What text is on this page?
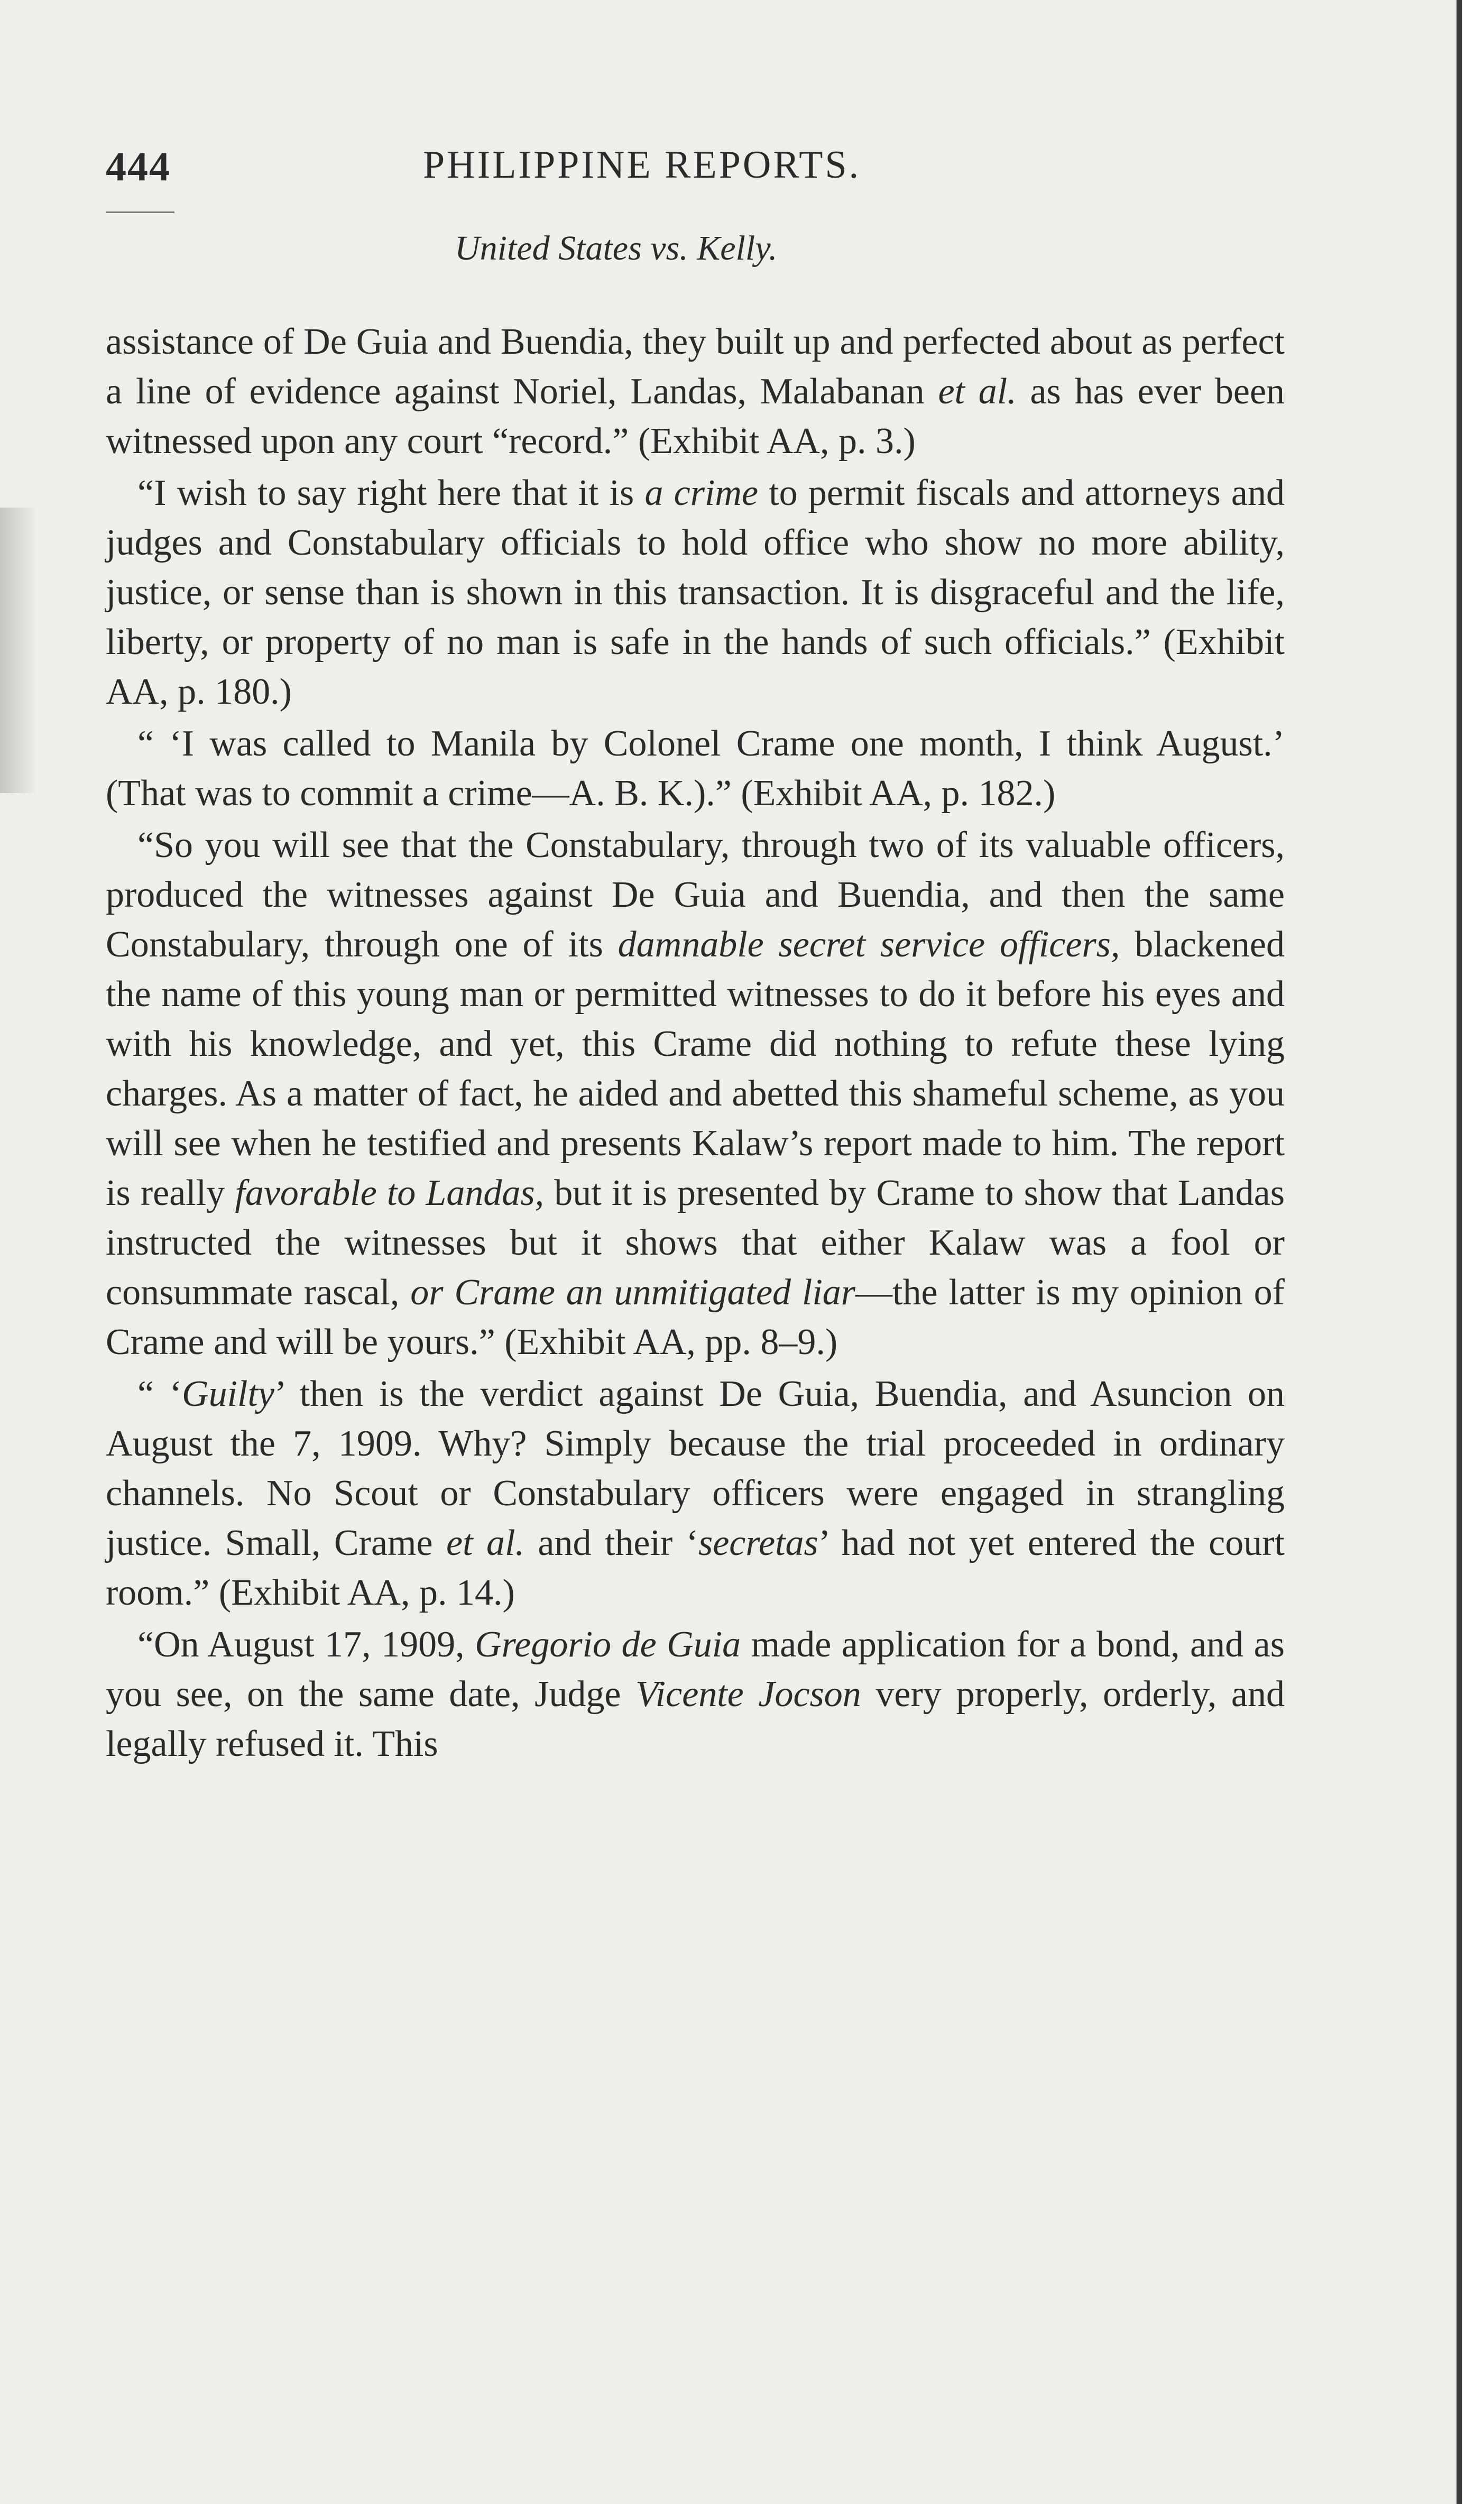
444	PHILIPPINE REPORTS.
United States vs. Kelly.

assistance of De Guia and Buendia, they built up and perfected about as perfect a line of evidence against Noriel, Landas, Malabanan et al. as has ever been witnessed upon any court “record.” (Exhibit AA, p. 3.)

“I wish to say right here that it is a crime to permit fiscals and attorneys and judges and Constabulary officials to hold office who show no more ability, justice, or sense than is shown in this transaction. It is disgraceful and the life, liberty, or property of no man is safe in the hands of such officials.” (Exhibit AA, p. 180.)

“ ‘I was called to Manila by Colonel Crame one month, I think August.’ (That was to commit a crime—A. B. K.).” (Exhibit AA, p. 182.)

“So you will see that the Constabulary, through two of its valuable officers, produced the witnesses against De Guia and Buendia, and then the same Constabulary, through one of its damnable secret service officers, blackened the name of this young man or permitted witnesses to do it before his eyes and with his knowledge, and yet, this Crame did nothing to refute these lying charges. As a matter of fact, he aided and abetted this shameful scheme, as you will see when he testified and presents Kalaw’s report made to him. The report is really favorable to Landas, but it is presented by Crame to show that Landas instructed the witnesses but it shows that either Kalaw was a fool or consummate rascal, or Crame an unmitigated liar—the latter is my opinion of Crame and will be yours.” (Exhibit AA, pp. 8–9.)

“ ‘Guilty’ then is the verdict against De Guia, Buendia, and Asuncion on August the 7, 1909. Why? Simply because the trial proceeded in ordinary channels. No Scout or Constabulary officers were engaged in strangling justice. Small, Crame et al. and their ‘secretas’ had not yet entered the court room.” (Exhibit AA, p. 14.)

“On August 17, 1909, Gregorio de Guia made application for a bond, and as you see, on the same date, Judge Vicente Jocson very properly, orderly, and legally refused it. This
